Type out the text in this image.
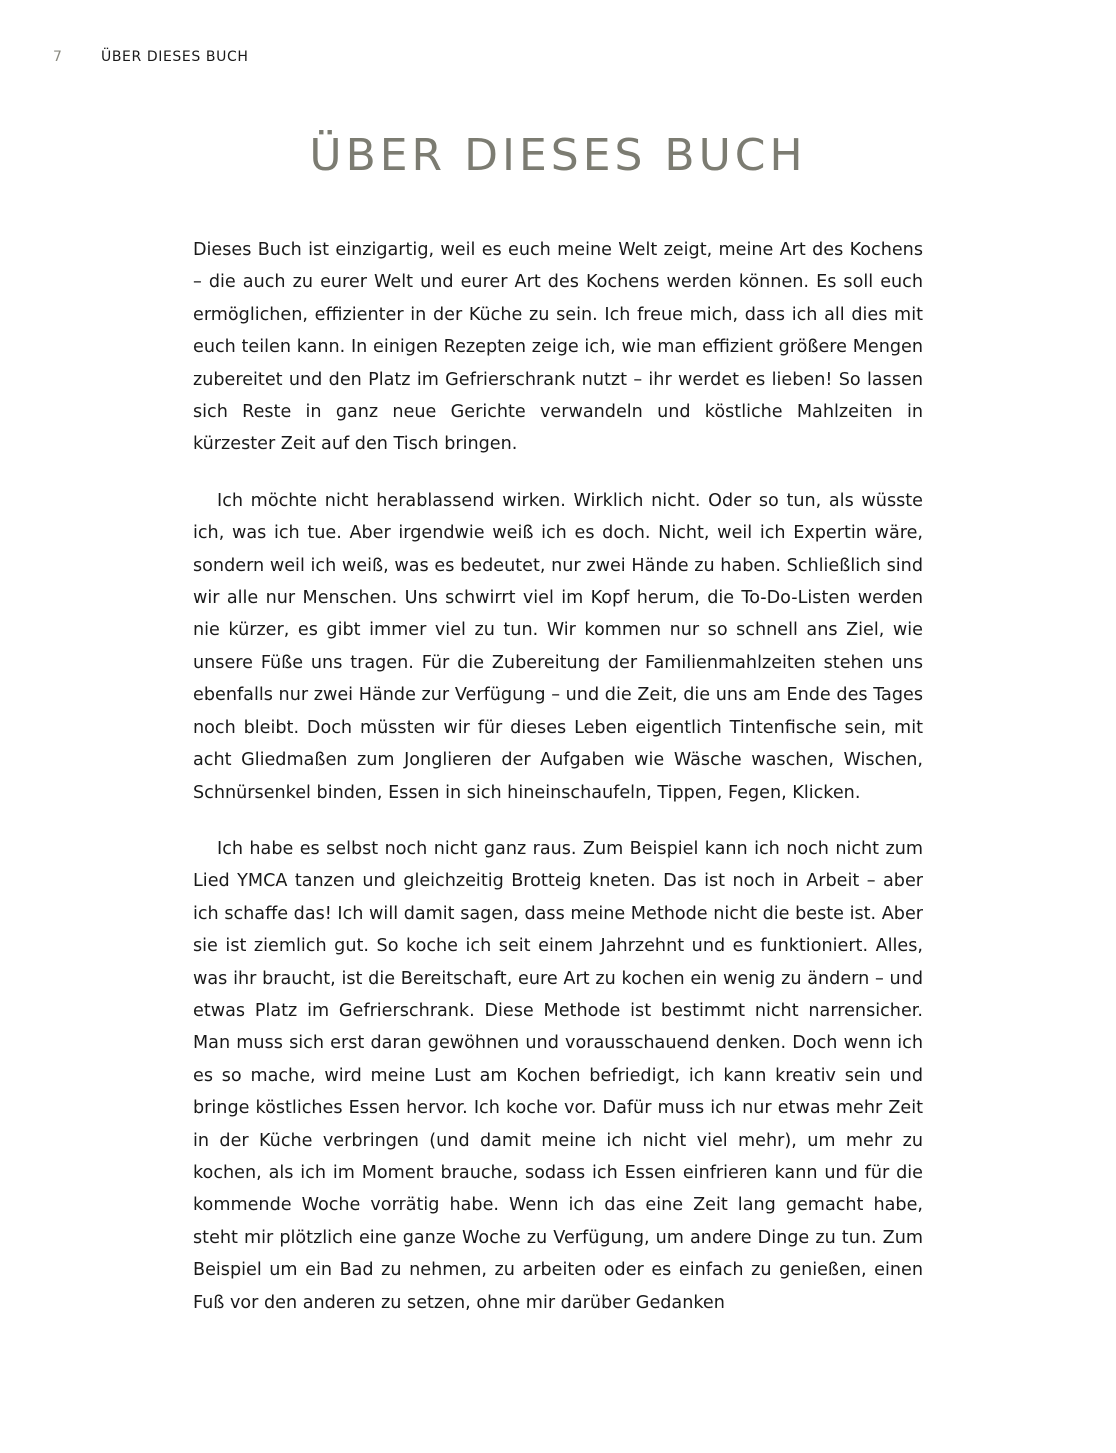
7	ÜBER DIESES BUCH
ÜBER DIESES BUCH

Dieses Buch ist einzigartig, weil es euch meine Welt zeigt, meine Art des Kochens – die auch zu eurer Welt und eurer Art des Kochens werden können. Es soll euch ermöglichen, effizienter in der Küche zu sein. Ich freue mich, dass ich all dies mit euch teilen kann. In einigen Rezepten zeige ich, wie man effizient größere Mengen zubereitet und den Platz im Gefrierschrank nutzt – ihr werdet es lieben! So lassen sich Reste in ganz neue Gerichte verwandeln und köstliche Mahlzeiten in kürzester Zeit auf den Tisch bringen.

Ich möchte nicht herablassend wirken. Wirklich nicht. Oder so tun, als wüsste ich, was ich tue. Aber irgendwie weiß ich es doch. Nicht, weil ich Expertin wäre, sondern weil ich weiß, was es bedeutet, nur zwei Hände zu haben. Schließlich sind wir alle nur Menschen. Uns schwirrt viel im Kopf herum, die To-Do-Listen werden nie kürzer, es gibt immer viel zu tun. Wir kommen nur so schnell ans Ziel, wie unsere Füße uns tragen. Für die Zubereitung der Familienmahlzeiten stehen uns ebenfalls nur zwei Hände zur Verfügung – und die Zeit, die uns am Ende des Tages noch bleibt. Doch müssten wir für dieses Leben eigentlich Tintenfische sein, mit acht Gliedmaßen zum Jonglieren der Aufgaben wie Wäsche waschen, Wischen, Schnürsenkel binden, Essen in sich hineinschaufeln, Tippen, Fegen, Klicken.

Ich habe es selbst noch nicht ganz raus. Zum Beispiel kann ich noch nicht zum Lied YMCA tanzen und gleichzeitig Brotteig kneten. Das ist noch in Arbeit – aber ich schaffe das! Ich will damit sagen, dass meine Methode nicht die beste ist. Aber sie ist ziemlich gut. So koche ich seit einem Jahrzehnt und es funktioniert. Alles, was ihr braucht, ist die Bereitschaft, eure Art zu kochen ein wenig zu ändern – und etwas Platz im Gefrierschrank. Diese Methode ist bestimmt nicht narrensicher. Man muss sich erst daran gewöhnen und vorausschauend denken. Doch wenn ich es so mache, wird meine Lust am Kochen befriedigt, ich kann kreativ sein und bringe köstliches Essen hervor. Ich koche vor. Dafür muss ich nur etwas mehr Zeit in der Küche verbringen (und damit meine ich nicht viel mehr), um mehr zu kochen, als ich im Moment brauche, sodass ich Essen einfrieren kann und für die kommende Woche vorrätig habe. Wenn ich das eine Zeit lang gemacht habe, steht mir plötzlich eine ganze Woche zu Verfügung, um andere Dinge zu tun. Zum Beispiel um ein Bad zu nehmen, zu arbeiten oder es einfach zu genießen, einen Fuß vor den anderen zu setzen, ohne mir darüber Gedanken
